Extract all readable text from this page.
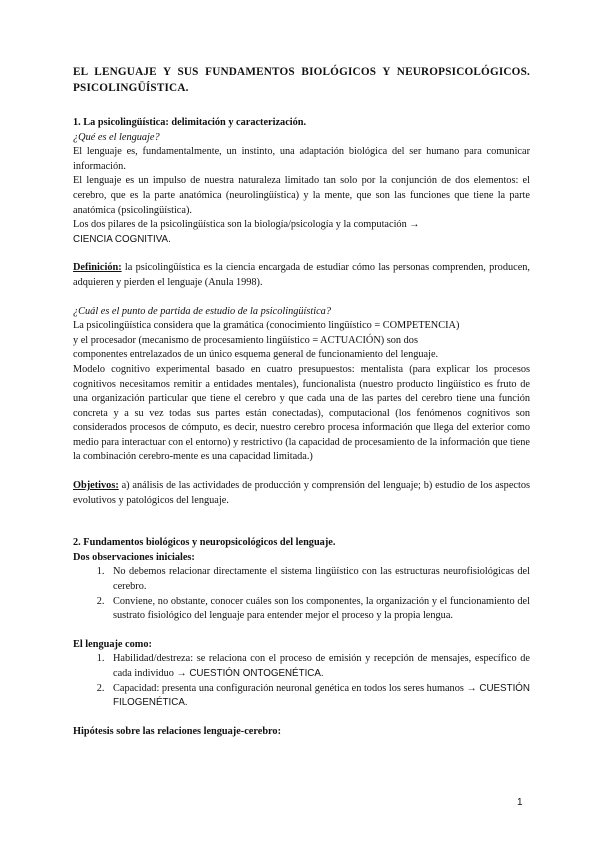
EL LENGUAJE Y SUS FUNDAMENTOS BIOLÓGICOS Y NEUROPSICOLÓGICOS. PSICOLINGÜÍSTICA.

1. La psicolingüística: delimitación y caracterización.

¿Qué es el lenguaje?

El lenguaje es, fundamentalmente, un instinto, una adaptación biológica del ser humano para comunicar información.

El lenguaje es un impulso de nuestra naturaleza limitado tan solo por la conjunción de dos elementos: el cerebro, que es la parte anatómica (neurolingüística) y la mente, que son las funciones que tiene la parte anatómica (psicolingüística).

Los dos pilares de la psicolingüística son la biología/psicología y la computación →

CIENCIA COGNITIVA.

Definición: la psicolingüística es la ciencia encargada de estudiar cómo las personas comprenden, producen, adquieren y pierden el lenguaje (Anula 1998).

¿Cuál es el punto de partida de estudio de la psicolingüística?

La psicolingüística considera que la gramática (conocimiento lingüístico = COMPETENCIA)

y el procesador (mecanismo de procesamiento lingüístico = ACTUACIÓN) son dos

componentes entrelazados de un único esquema general de funcionamiento del lenguaje.

Modelo cognitivo experimental basado en cuatro presupuestos: mentalista (para explicar los procesos cognitivos necesitamos remitir a entidades mentales), funcionalista (nuestro producto lingüístico es fruto de una organización particular que tiene el cerebro y que cada una de las partes del cerebro tiene una función concreta y a su vez todas sus partes están conectadas), computacional (los fenómenos cognitivos son considerados procesos de cómputo, es decir, nuestro cerebro procesa información que llega del exterior como medio para interactuar con el entorno) y restrictivo (la capacidad de procesamiento de la información que tiene la combinación cerebro-mente es una capacidad limitada.)

Objetivos: a) análisis de las actividades de producción y comprensión del lenguaje; b) estudio de los aspectos evolutivos y patológicos del lenguaje.

2. Fundamentos biológicos y neuropsicológicos del lenguaje.

Dos observaciones iniciales:

1. No debemos relacionar directamente el sistema lingüístico con las estructuras neurofisiológicas del cerebro.
2. Conviene, no obstante, conocer cuáles son los componentes, la organización y el funcionamiento del sustrato fisiológico del lenguaje para entender mejor el proceso y la propia lengua.

El lenguaje como:

1. Habilidad/destreza: se relaciona con el proceso de emisión y recepción de mensajes, específico de cada individuo → CUESTIÓN ONTOGENÉTICA.
2. Capacidad: presenta una configuración neuronal genética en todos los seres humanos → CUESTIÓN FILOGENÉTICA.

Hipótesis sobre las relaciones lenguaje-cerebro:

1
